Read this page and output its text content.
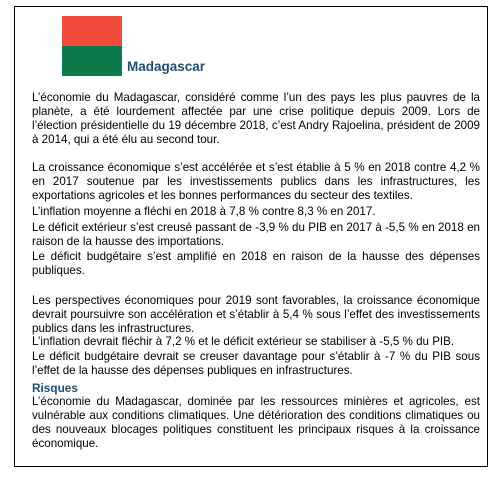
Madagascar

L’économie du Madagascar, considéré comme l’un des pays les plus pauvres de la planète, a été lourdement affectée par une crise politique depuis 2009. Lors de l’élection présidentielle du 19 décembre 2018, c’est Andry Rajoelina, président de 2009 à 2014, qui a été élu au second tour.

La croissance économique s’est accélérée et s’est établie à 5 % en 2018 contre 4,2 % en 2017 soutenue par les investissements publics dans les infrastructures, les exportations agricoles et les bonnes performances du secteur des textiles.

L’inflation moyenne a fléchi en 2018 à 7,8 % contre 8,3 % en 2017.

Le déficit extérieur s’est creusé passant de -3,9 % du PIB en 2017 à -5,5 % en 2018 en raison de la hausse des importations.

Le déficit budgétaire s’est amplifié en 2018 en raison de la hausse des dépenses publiques.

Les perspectives économiques pour 2019 sont favorables, la croissance économique devrait poursuivre son accélération et s’établir à 5,4 % sous l’effet des investissements publics dans les infrastructures.

L’inflation devrait fléchir à 7,2 % et le déficit extérieur se stabiliser à -5,5 % du PIB.

Le déficit budgétaire devrait se creuser davantage pour s’établir à -7 % du PIB sous l’effet de la hausse des dépenses publiques en infrastructures.

Risques

L’économie du Madagascar, dominée par les ressources minières et agricoles, est vulnérable aux conditions climatiques. Une détérioration des conditions climatiques ou des nouveaux blocages politiques constituent les principaux risques à la croissance économique.
